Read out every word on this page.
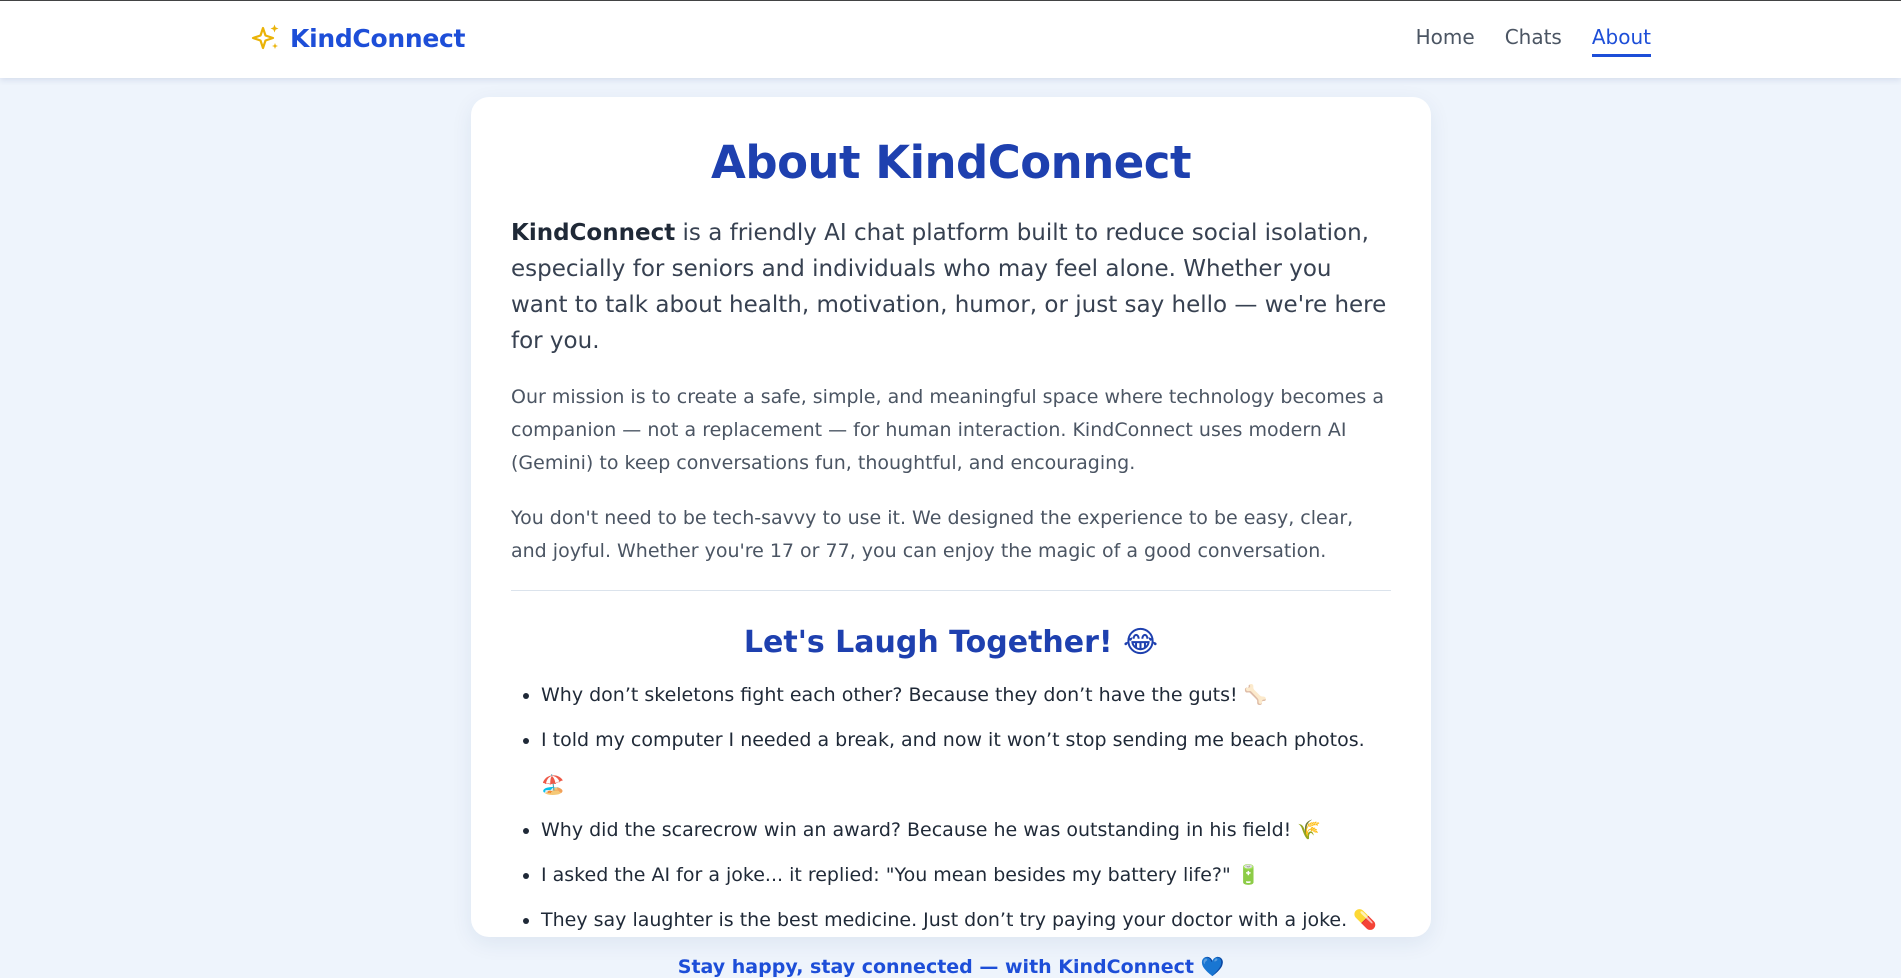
KindConnect	Home Chats About
About KindConnect

KindConnect is a friendly AI chat platform built to reduce social isolation, especially for seniors and individuals who may feel alone. Whether you want to talk about health, motivation, humor, or just say hello — we're here for you.

Our mission is to create a safe, simple, and meaningful space where technology becomes a companion — not a replacement — for human interaction. KindConnect uses modern AI (Gemini) to keep conversations fun, thoughtful, and encouraging.

You don't need to be tech-savvy to use it. We designed the experience to be easy, clear, and joyful. Whether you're 17 or 77, you can enjoy the magic of a good conversation.

Let's Laugh Together! 😂
• Why don’t skeletons fight each other? Because they don’t have the guts! 🦴
• I told my computer I needed a break, and now it won’t stop sending me beach photos. 🏖️
• Why did the scarecrow win an award? Because he was outstanding in his field! 🌾
• I asked the AI for a joke... it replied: "You mean besides my battery life?" 🔋
• They say laughter is the best medicine. Just don’t try paying your doctor with a joke. 💊

Stay happy, stay connected — with KindConnect 💙
